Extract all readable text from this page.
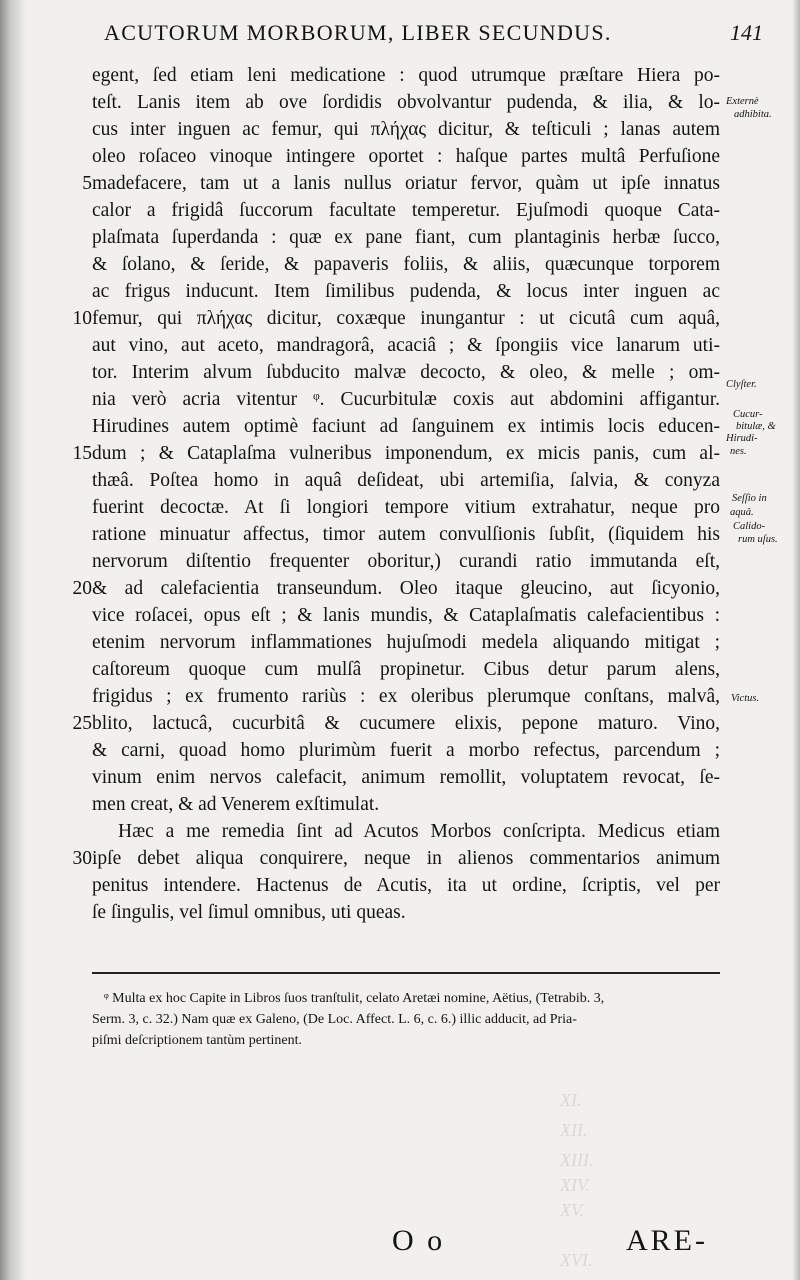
XI.
XII.
XIII.
XIV.
XV.
XVI.
ACUTORUM MORBORUM, LIBER SECUNDUS.	141
egent, ſed etiam leni medicatione : quod utrumque præſtare Hiera po-
teſt. Lanis item ab ove ſordidis obvolvantur pudenda, & ilia, & lo-
cus inter inguen ac femur, qui πλήχας dicitur, & teſticuli ; lanas autem
oleo roſaceo vinoque intingere oportet : haſque partes multâ Perfuſione
madefacere, tam ut a lanis nullus oriatur fervor, quàm ut ipſe innatus
calor a frigidâ ſuccorum facultate temperetur. Ejuſmodi quoque Cata-
plaſmata ſuperdanda : quæ ex pane fiant, cum plantaginis herbæ ſucco,
& ſolano, & ſeride, & papaveris foliis, & aliis, quæcunque torporem
ac frigus inducunt. Item ſimilibus pudenda, & locus inter inguen ac
femur, qui πλήχας dicitur, coxæque inungantur : ut cicutâ cum aquâ,
aut vino, aut aceto, mandragorâ, acaciâ ; & ſpongiis vice lanarum uti-
tor. Interim alvum ſubducito malvæ decocto, & oleo, & melle ; om-
nia verò acria vitentur ᵠ. Cucurbitulæ coxis aut abdomini affigantur.
Hirudines autem optimè faciunt ad ſanguinem ex intimis locis educen-
dum ; & Cataplaſma vulneribus imponendum, ex micis panis, cum al-
thæâ. Poſtea homo in aquâ deſideat, ubi artemiſia, ſalvia, & conyza
fuerint decoctæ. At ſi longiori tempore vitium extrahatur, neque pro
ratione minuatur affectus, timor autem convulſionis ſubſit, (ſiquidem his
nervorum diſtentio frequenter oboritur,) curandi ratio immutanda eſt,
& ad calefacientia transeundum. Oleo itaque gleucino, aut ſicyonio,
vice roſacei, opus eſt ; & lanis mundis, & Cataplaſmatis calefacientibus :
etenim nervorum inflammationes hujuſmodi medela aliquando mitigat ;
caſtoreum quoque cum mulſâ propinetur. Cibus detur parum alens,
frigidus ; ex frumento rariùs : ex oleribus plerumque conſtans, malvâ,
blito, lactucâ, cucurbitâ & cucumere elixis, pepone maturo. Vino,
& carni, quoad homo plurimùm fuerit a morbo refectus, parcendum ;
vinum enim nervos calefacit, animum remollit, voluptatem revocat, ſe-
men creat, & ad Venerem exſtimulat.
Hæc a me remedia ſint ad Acutos Morbos conſcripta. Medicus etiam
ipſe debet aliqua conquirere, neque in alienos commentarios animum
penitus intendere. Hactenus de Acutis, ita ut ordine, ſcriptis, vel per
ſe ſingulis, vel ſimul omnibus, uti queas.
5
10
15
20
25
30
Externè
adhibita.
Clyſter.
Cucur-
bitulæ, &
Hirudi-
nes.
Seſſio in
aquâ.
Calido-
rum uſus.
Victus.
ᵠ Multa ex hoc Capite in Libros ſuos tranſtulit, celato Aretæi nomine, Aëtius, (Tetrabib. 3,
Serm. 3, c. 32.) Nam quæ ex Galeno, (De Loc. Affect. L. 6, c. 6.) illic adducit, ad Pria-
piſmi deſcriptionem tantùm pertinent.
O o	ARE-
